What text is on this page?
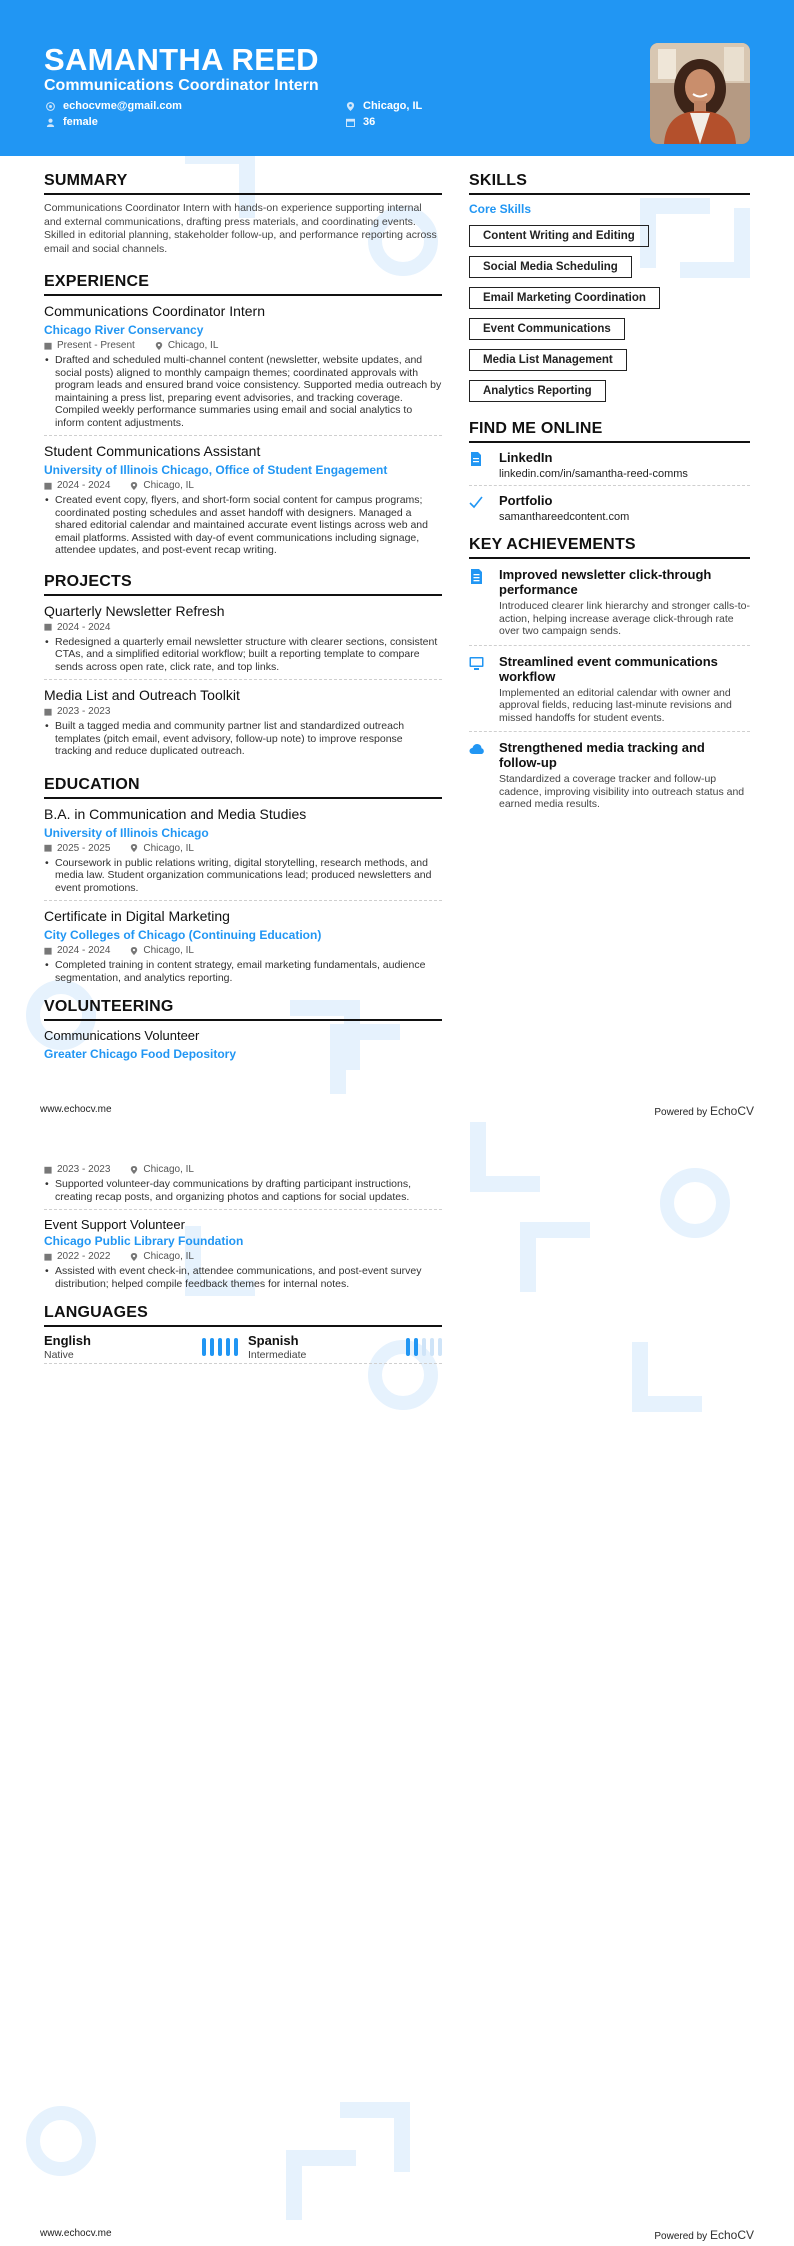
SAMANTHA REED
Communications Coordinator Intern
echocvme@gmail.com
female
Chicago, IL
36
SUMMARY
Communications Coordinator Intern with hands-on experience supporting internal and external communications, drafting press materials, and coordinating events. Skilled in editorial planning, stakeholder follow-up, and performance reporting across email and social channels.
EXPERIENCE
Communications Coordinator Intern
Chicago River Conservancy
Present - Present	Chicago, IL
• Drafted and scheduled multi-channel content (newsletter, website updates, and social posts) aligned to monthly campaign themes; coordinated approvals with program leads and ensured brand voice consistency. Supported media outreach by maintaining a press list, preparing event advisories, and tracking coverage. Compiled weekly performance summaries using email and social analytics to inform content adjustments.
Student Communications Assistant
University of Illinois Chicago, Office of Student Engagement
2024 - 2024	Chicago, IL
• Created event copy, flyers, and short-form social content for campus programs; coordinated posting schedules and asset handoff with designers. Managed a shared editorial calendar and maintained accurate event listings across web and email platforms. Assisted with day-of event communications including signage, attendee updates, and post-event recap writing.
PROJECTS
Quarterly Newsletter Refresh
2024 - 2024
• Redesigned a quarterly email newsletter structure with clearer sections, consistent CTAs, and a simplified editorial workflow; built a reporting template to compare sends across open rate, click rate, and top links.
Media List and Outreach Toolkit
2023 - 2023
• Built a tagged media and community partner list and standardized outreach templates (pitch email, event advisory, follow-up note) to improve response tracking and reduce duplicated outreach.
EDUCATION
B.A. in Communication and Media Studies
University of Illinois Chicago
2025 - 2025	Chicago, IL
• Coursework in public relations writing, digital storytelling, research methods, and media law. Student organization communications lead; produced newsletters and event promotions.
Certificate in Digital Marketing
City Colleges of Chicago (Continuing Education)
2024 - 2024	Chicago, IL
• Completed training in content strategy, email marketing fundamentals, audience segmentation, and analytics reporting.
VOLUNTEERING
Communications Volunteer
Greater Chicago Food Depository
SKILLS
Core Skills
Content Writing and Editing
Social Media Scheduling
Email Marketing Coordination
Event Communications
Media List Management
Analytics Reporting
FIND ME ONLINE
LinkedIn
linkedin.com/in/samantha-reed-comms
Portfolio
samanthareedcontent.com
KEY ACHIEVEMENTS
Improved newsletter click-through performance
Introduced clearer link hierarchy and stronger calls-to-action, helping increase average click-through rate over two campaign sends.
Streamlined event communications workflow
Implemented an editorial calendar with owner and approval fields, reducing last-minute revisions and missed handoffs for student events.
Strengthened media tracking and follow-up
Standardized a coverage tracker and follow-up cadence, improving visibility into outreach status and earned media results.
www.echocv.me	Powered by EchoCV
2023 - 2023	Chicago, IL
• Supported volunteer-day communications by drafting participant instructions, creating recap posts, and organizing photos and captions for social updates.
Event Support Volunteer
Chicago Public Library Foundation
2022 - 2022	Chicago, IL
• Assisted with event check-in, attendee communications, and post-event survey distribution; helped compile feedback themes for internal notes.
LANGUAGES
English
Native
Spanish
Intermediate
www.echocv.me	Powered by EchoCV
